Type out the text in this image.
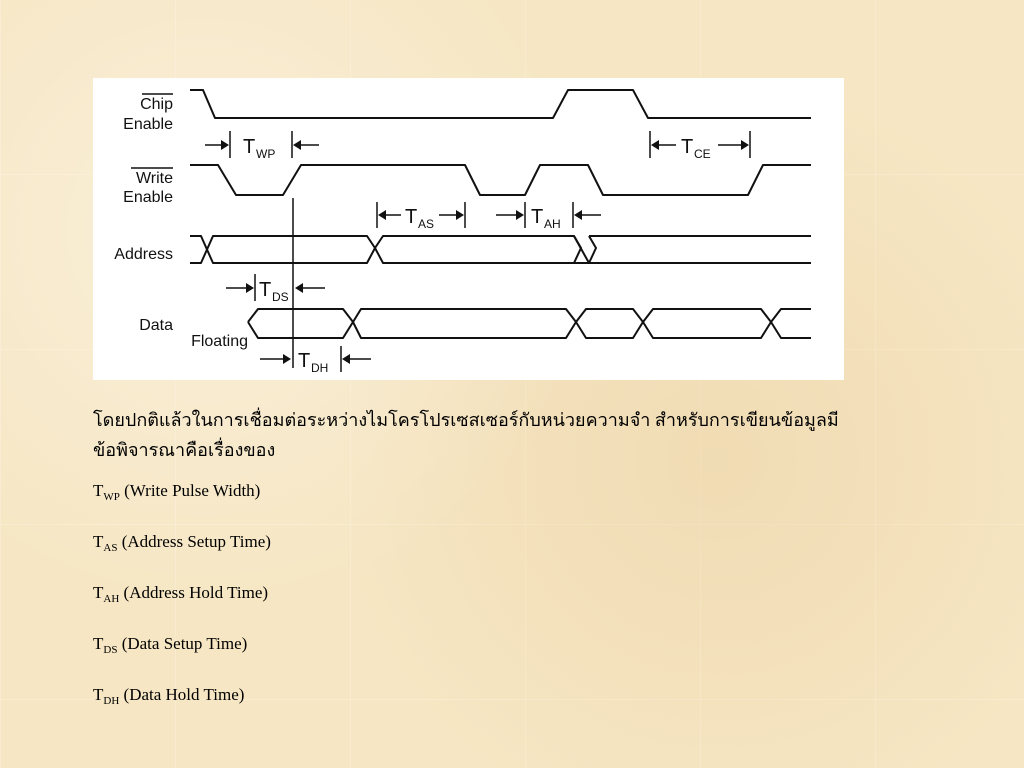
Chip
Enable
Write
Enable
Address
Data
Floating
T WP	T CE
T AS	T AH
T DS
T DH

โดยปกติแล้วในการเชื่อมต่อระหว่างไมโครโปรเซสเซอร์กับหน่วยความจำ สำหรับการเขียนข้อมูลมีข้อพิจารณาคือเรื่องของ

$T_{WP}$ (Write Pulse Width)
$T_{AS}$ (Address Setup Time)
$T_{AH}$ (Address Hold Time)
$T_{DS}$ (Data Setup Time)
$T_{DH}$ (Data Hold Time)
